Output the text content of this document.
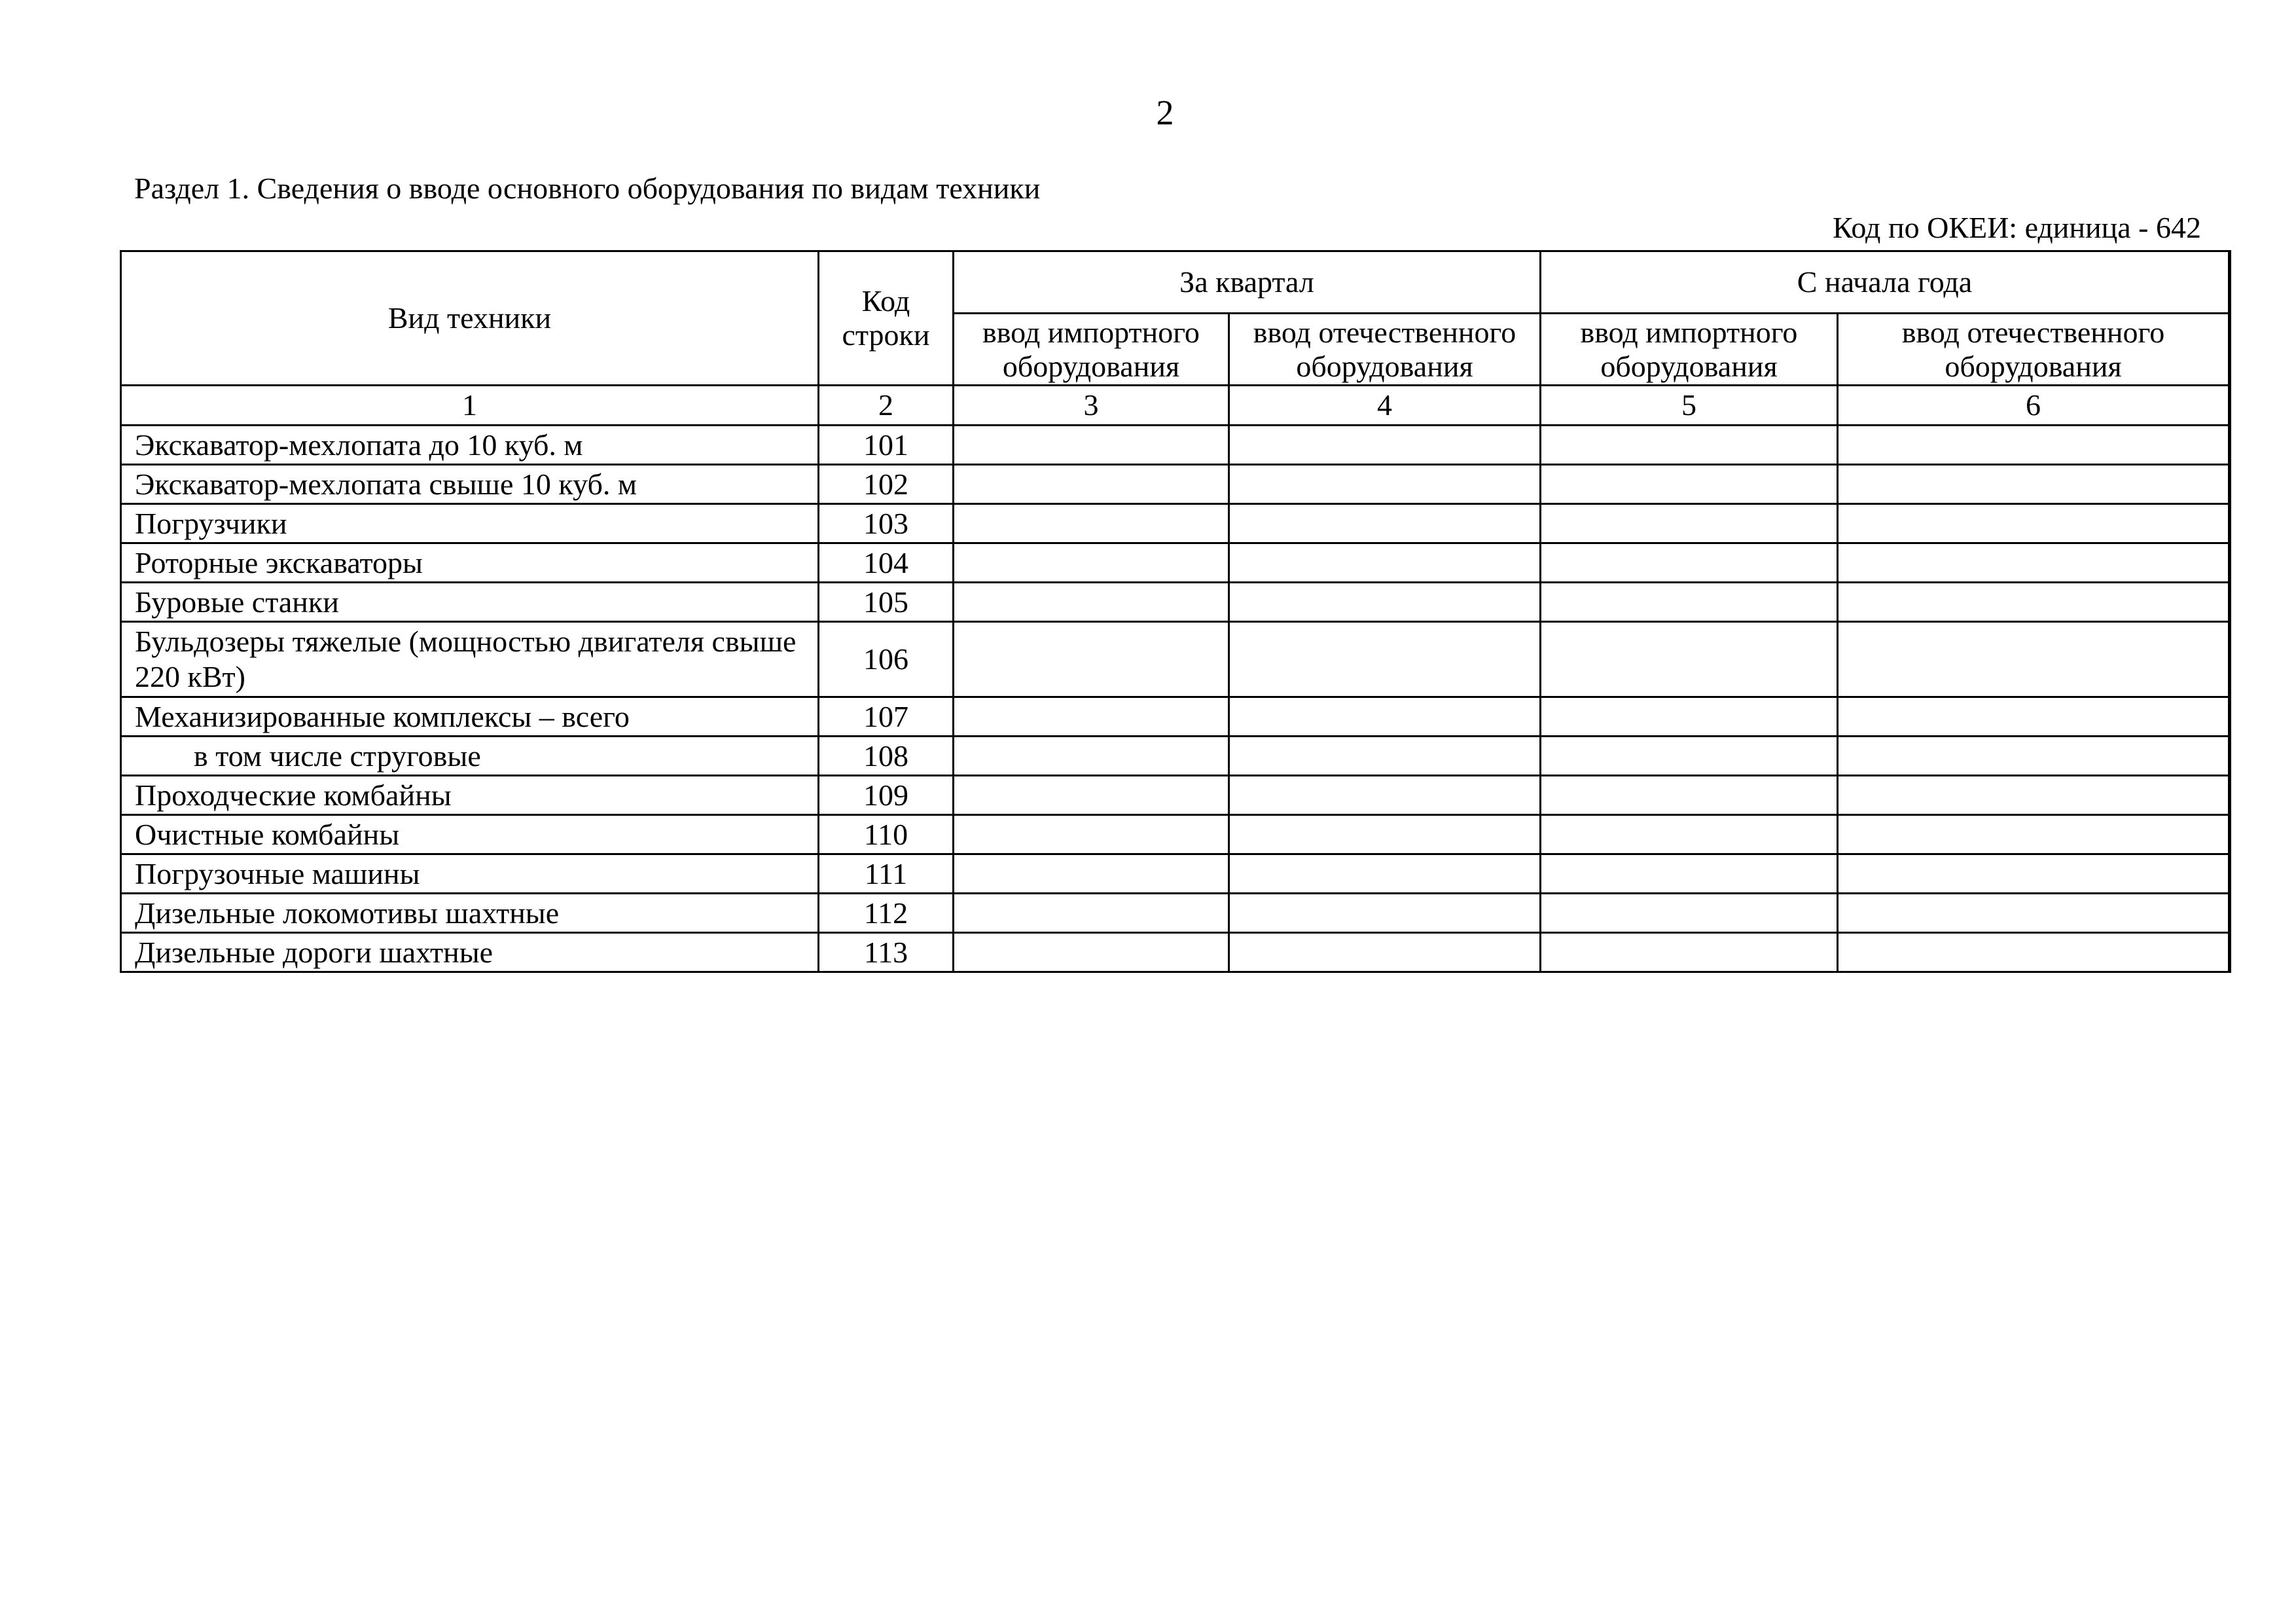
2
Раздел 1. Сведения о вводе основного оборудования по видам техники
Код по ОКЕИ: единица - 642
Вид техники	Код строки	За квартал		С начала года	
		ввод импортного оборудования	ввод отечественного оборудования	ввод импортного оборудования	ввод отечественного оборудования
1	2	3	4	5	6
Экскаватор-мехлопата до 10 куб. м	101				
Экскаватор-мехлопата свыше 10 куб. м	102				
Погрузчики	103				
Роторные экскаваторы	104				
Буровые станки	105				
Бульдозеры тяжелые (мощностью двигателя свыше 220 кВт)	106				
Механизированные комплексы – всего	107				
в том числе струговые	108				
Проходческие комбайны	109				
Очистные комбайны	110				
Погрузочные машины	111				
Дизельные локомотивы шахтные	112				
Дизельные дороги шахтные	113				
